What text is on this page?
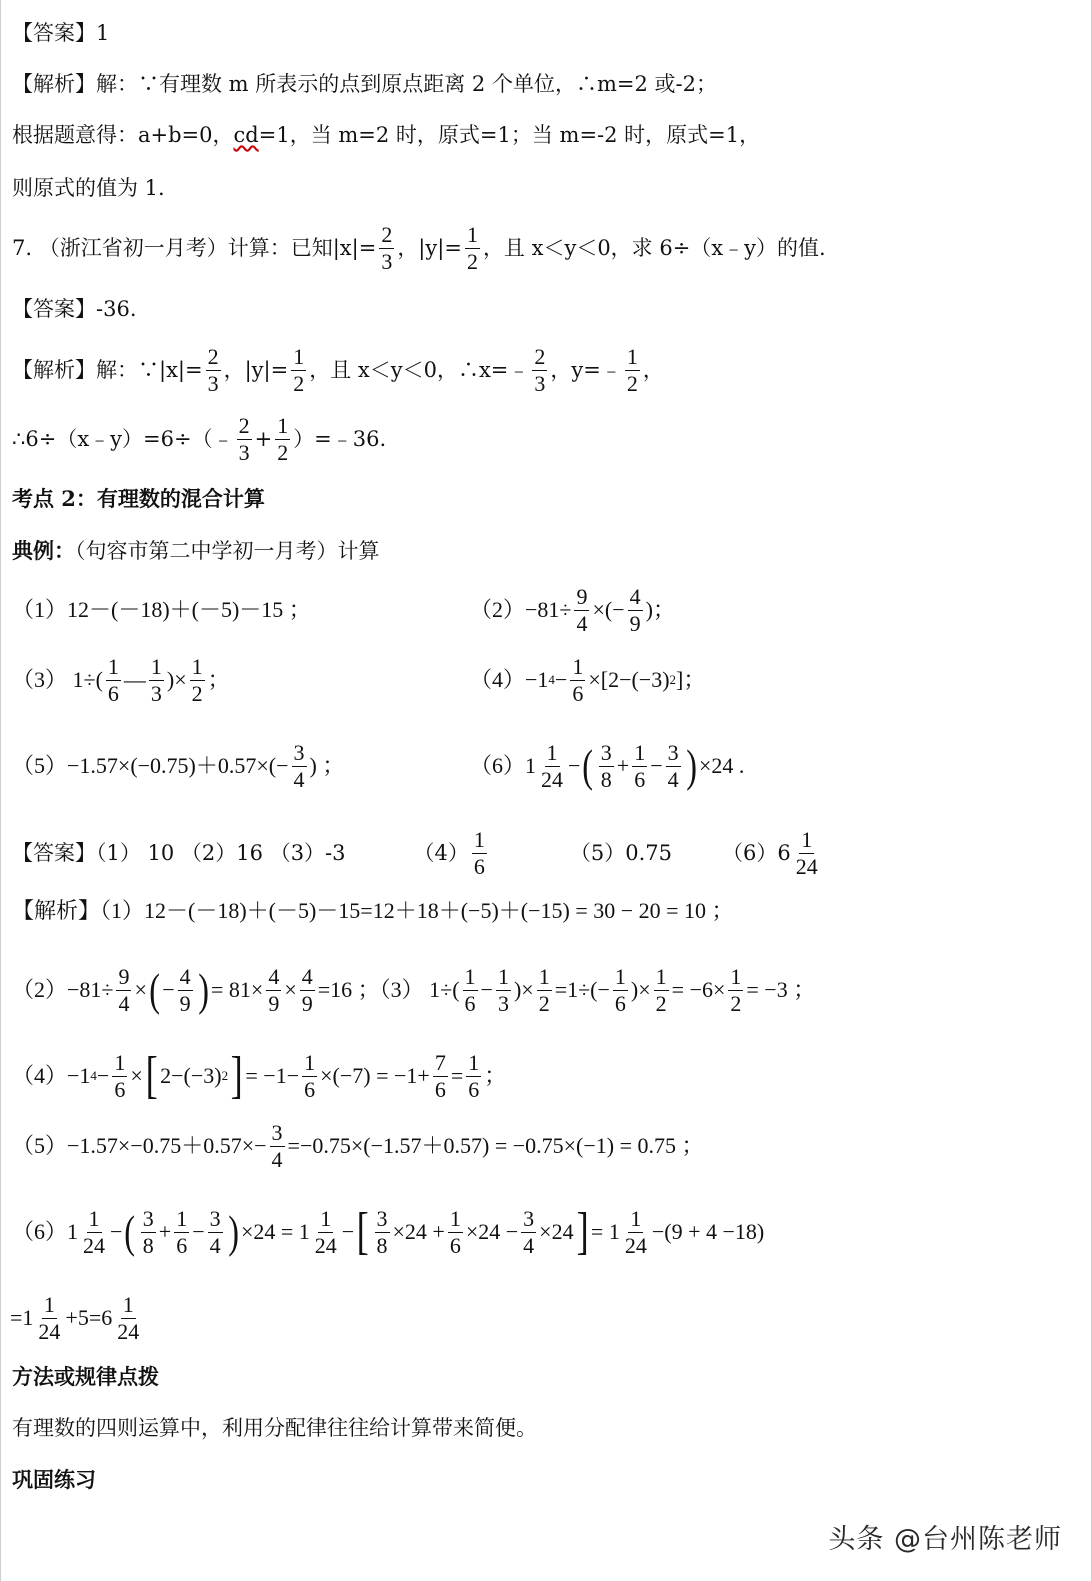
【答案】1
【解析】解：∵有理数 m 所表示的点到原点距离 2 个单位，∴m=2 或-2；
根据题意得：a+b=0，cd=1，当 m=2 时，原式=1；当 m=-2 时，原式=1，
则原式的值为 1.
7. （浙江省初一月考）计算：已知$|x|= \frac{2}{3}$ ，$|y|= \frac{1}{2}$ ，且 x＜y＜0，求 6÷（x﹣y）的值.
【答案】-36.
【解析】解：∵|x|= $\frac{2}{3}$ ，$|y|= \frac{1}{2}$ ，且 x＜y＜0，∴x=﹣ $\frac{2}{3}$ ，y=﹣ $\frac{1}{2}$ ，
∴6÷（x﹣y）=6÷（﹣ $\frac{2}{3} + \frac{1}{2}$ ）=﹣36.
考点 2：有理数的混合计算
典例：（句容市第二中学初一月考）计算
（1）12－(－18)＋(－5)－15 ；	$(2)-81\div \frac{9}{4}$ ×(− $\frac{4}{9}$ )；
（3） $1\div( \frac{1}{6}$ — $\frac{1}{3}$ )× $\frac{1}{2}$ ；	（4）−1 $4 - \frac{1}{6} \times[2-(-3)$ 2 ]；
$(5)-1.57\times(-0.75)+0.57\times(- \frac{3}{4}$ ) ；	$(6)1 \frac{1}{24}$ − ( $\frac{3}{8} + \frac{1}{6} - \frac{3}{4}$ ) ×24 .
【答案】（1） 10 （2）16 （3）-3	$(4) \frac{1}{6}$	（5）0.75 $(6)6 \frac{1}{24}$
【解析】（1）12－(－18)＋(－5)－15=12＋18＋(−5)＋(−15) = 30 − 20 = 10 ；
$(2)-81\div \frac{9}{4}$ × ( − $\frac{4}{9}$ ) = $81\times \frac{4}{9} \times \frac{4}{9} =16$ ；（3） $1\div( \frac{1}{6} - \frac{1}{3}$ )× $\frac{1}{2} =1\div(- \frac{1}{6}$ )× $\frac{1}{2} = -6\times \frac{1}{2} = -3$ ；
（4）−1 $4 - \frac{1}{6}$ × [ 2−(−3) 2 ] = $-1- \frac{1}{6} \times(-7) = -1+ \frac{7}{6} = \frac{1}{6}$ ；
$(5)-1.57\times-0.75+0.57\times- \frac{3}{4} =-0.75\times(-1.57+0.57) = -0.75\times(-1) = 0.75$ ；
$(6)1 \frac{1}{24}$ − ( $\frac{3}{8} + \frac{1}{6} - \frac{3}{4}$ ) $\times 24 = 1 \frac{1}{24}$ − [ $\frac{3}{8} \times 24 + \frac{1}{6} \times 24 - \frac{3}{4} \times 24$ ] = $1 \frac{1}{24} -(9 + 4 -18)$
$=1 \frac{1}{24} +5=6 \frac{1}{24}$
方法或规律点拨
有理数的四则运算中，利用分配律往往给计算带来简便。
巩固练习
头条 @台州陈老师
